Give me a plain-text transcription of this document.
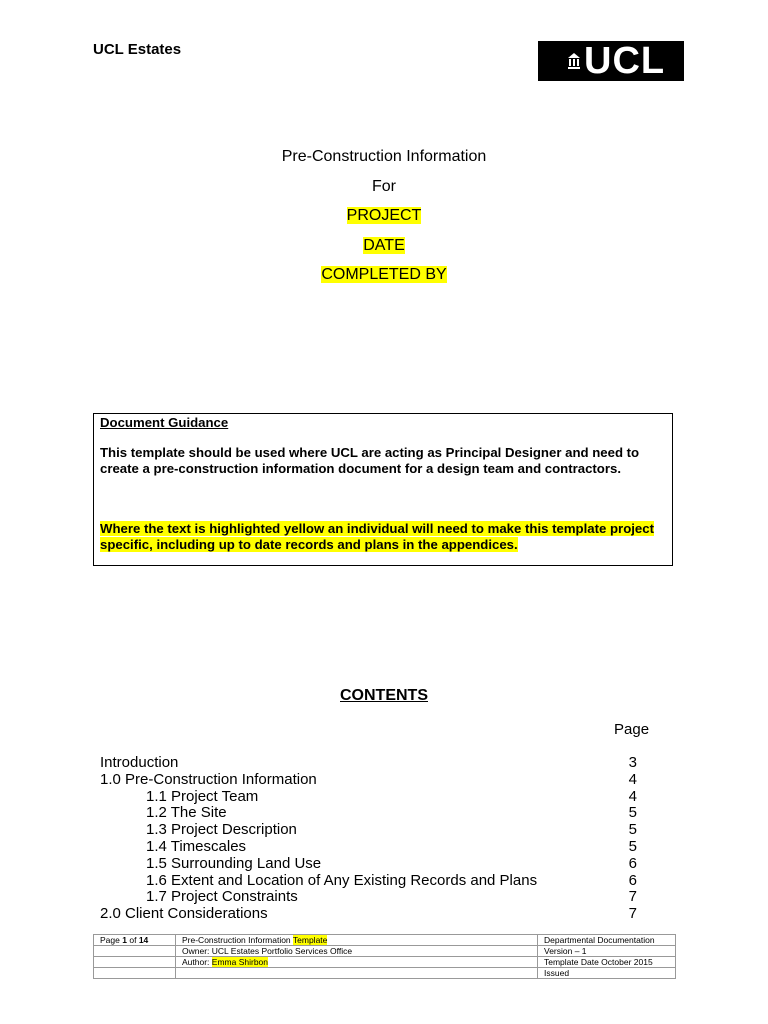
UCL Estates	UCL
Pre-Construction Information
For
PROJECT
DATE
COMPLETED BY
Document Guidance
This template should be used where UCL are acting as Principal Designer and need to create a pre-construction information document for a design team and contractors.
Where the text is highlighted yellow an individual will need to make this template project specific, including up to date records and plans in the appendices.
CONTENTS
Page
Introduction	3
1.0 Pre-Construction Information	4
1.1 Project Team	4
1.2 The Site	5
1.3 Project Description	5
1.4 Timescales	5
1.5 Surrounding Land Use	6
1.6 Extent and Location of Any Existing Records and Plans	6
1.7 Project Constraints	7
2.0 Client Considerations	7
Page 1 of 14	Pre-Construction Information Template	Departmental Documentation
	Owner: UCL Estates Portfolio Services Office	Version – 1
	Author: Emma Shirbon	Template Date October 2015
		Issued
